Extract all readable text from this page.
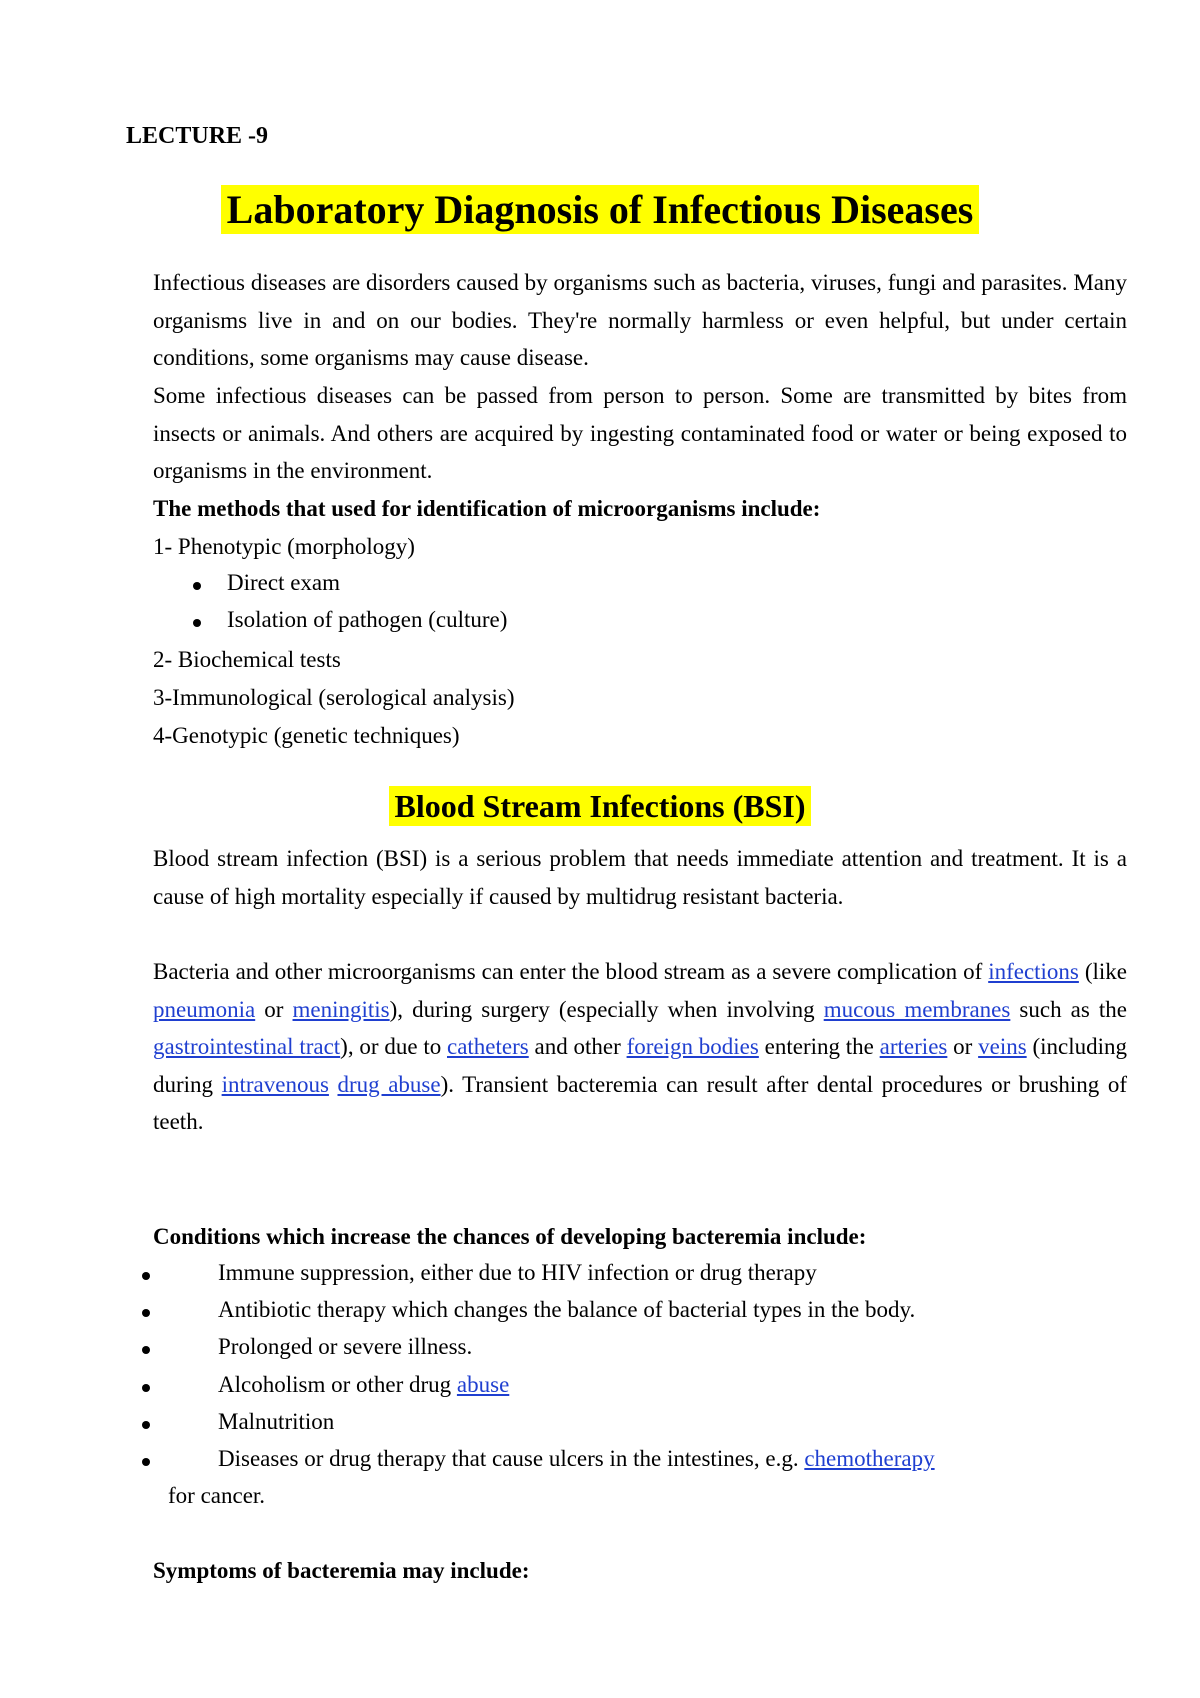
LECTURE -9
Laboratory Diagnosis of Infectious Diseases

Infectious diseases are disorders caused by organisms such as bacteria, viruses, fungi and parasites. Many organisms live in and on our bodies. They're normally harmless or even helpful, but under certain conditions, some organisms may cause disease.

Some infectious diseases can be passed from person to person. Some are transmitted by bites from insects or animals. And others are acquired by ingesting contaminated food or water or being exposed to organisms in the environment.

The methods that used for identification of microorganisms include:

1- Phenotypic (morphology)

Direct exam
Isolation of pathogen (culture)

2- Biochemical tests

3-Immunological (serological analysis)

4-Genotypic (genetic techniques)

Blood Stream Infections (BSI)

Blood stream infection (BSI) is a serious problem that needs immediate attention and treatment. It is a cause of high mortality especially if caused by multidrug resistant bacteria.

Bacteria and other microorganisms can enter the blood stream as a severe complication of infections (like pneumonia or meningitis), during surgery (especially when involving mucous membranes such as the gastrointestinal tract), or due to catheters and other foreign bodies entering the arteries or veins (including during intravenous drug abuse). Transient bacteremia can result after dental procedures or brushing of teeth.

Conditions which increase the chances of developing bacteremia include:

Immune suppression, either due to HIV infection or drug therapy
Antibiotic therapy which changes the balance of bacterial types in the body.
Prolonged or severe illness.
Alcoholism or other drug abuse
Malnutrition
Diseases or drug therapy that cause ulcers in the intestines, e.g. chemotherapy
for cancer.

Symptoms of bacteremia may include:
